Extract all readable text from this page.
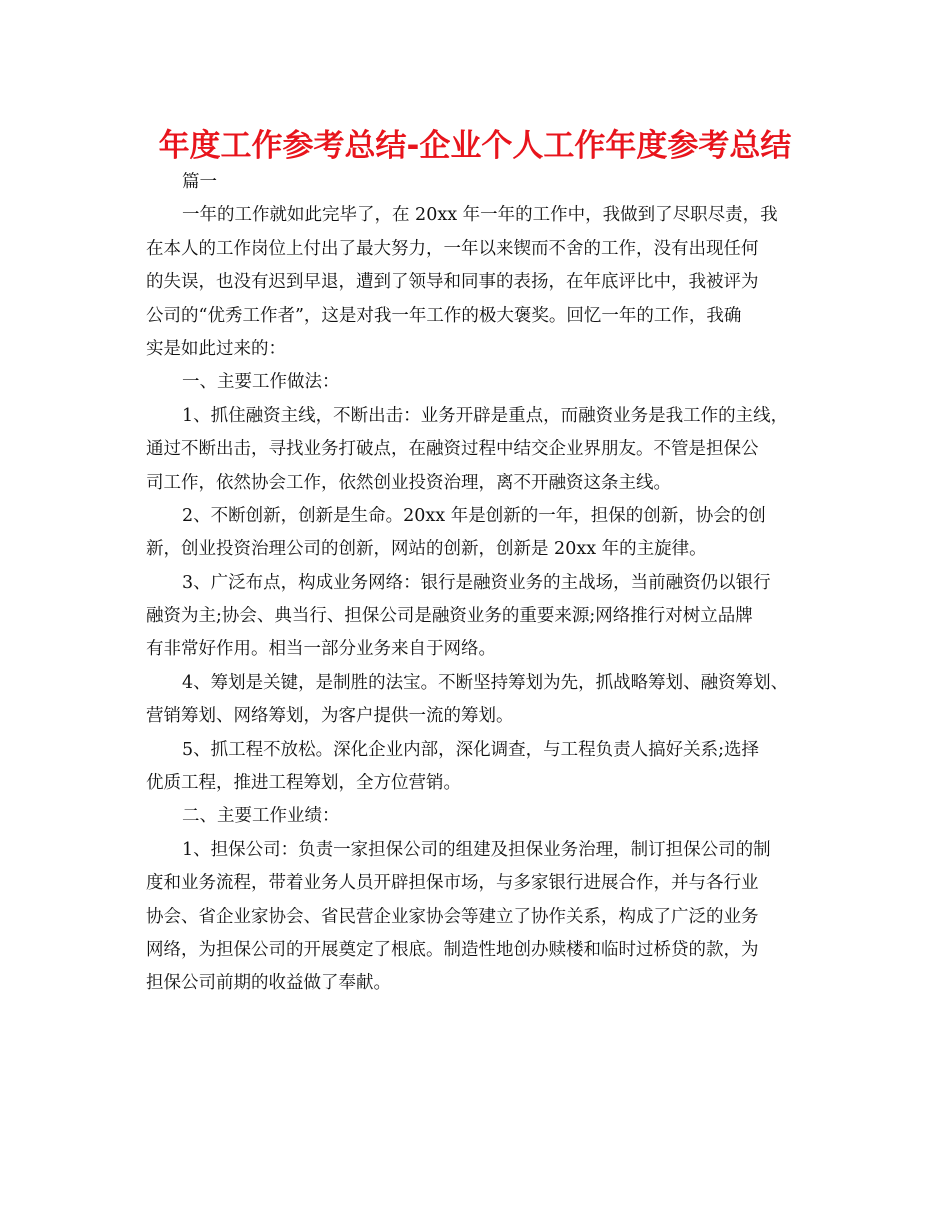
年度工作参考总结-企业个人工作年度参考总结

篇一

一年的工作就如此完毕了，在 20xx 年一年的工作中，我做到了尽职尽责，我

在本人的工作岗位上付出了最大努力，一年以来锲而不舍的工作，没有出现任何

的失误，也没有迟到早退，遭到了领导和同事的表扬，在年底评比中，我被评为

公司的“优秀工作者”，这是对我一年工作的极大褒奖。回忆一年的工作，我确

实是如此过来的：

一、主要工作做法：

1、抓住融资主线，不断出击：业务开辟是重点，而融资业务是我工作的主线，

通过不断出击，寻找业务打破点，在融资过程中结交企业界朋友。不管是担保公

司工作，依然协会工作，依然创业投资治理，离不开融资这条主线。

2、不断创新，创新是生命。20xx 年是创新的一年，担保的创新，协会的创

新，创业投资治理公司的创新，网站的创新，创新是 20xx 年的主旋律。

3、广泛布点，构成业务网络：银行是融资业务的主战场，当前融资仍以银行

融资为主;协会、典当行、担保公司是融资业务的重要来源;网络推行对树立品牌

有非常好作用。相当一部分业务来自于网络。

4、筹划是关键，是制胜的法宝。不断坚持筹划为先，抓战略筹划、融资筹划、

营销筹划、网络筹划，为客户提供一流的筹划。

5、抓工程不放松。深化企业内部，深化调查，与工程负责人搞好关系;选择

优质工程，推进工程筹划，全方位营销。

二、主要工作业绩：

1、担保公司：负责一家担保公司的组建及担保业务治理，制订担保公司的制

度和业务流程，带着业务人员开辟担保市场，与多家银行进展合作，并与各行业

协会、省企业家协会、省民营企业家协会等建立了协作关系，构成了广泛的业务

网络，为担保公司的开展奠定了根底。制造性地创办赎楼和临时过桥贷的款，为

担保公司前期的收益做了奉献。
